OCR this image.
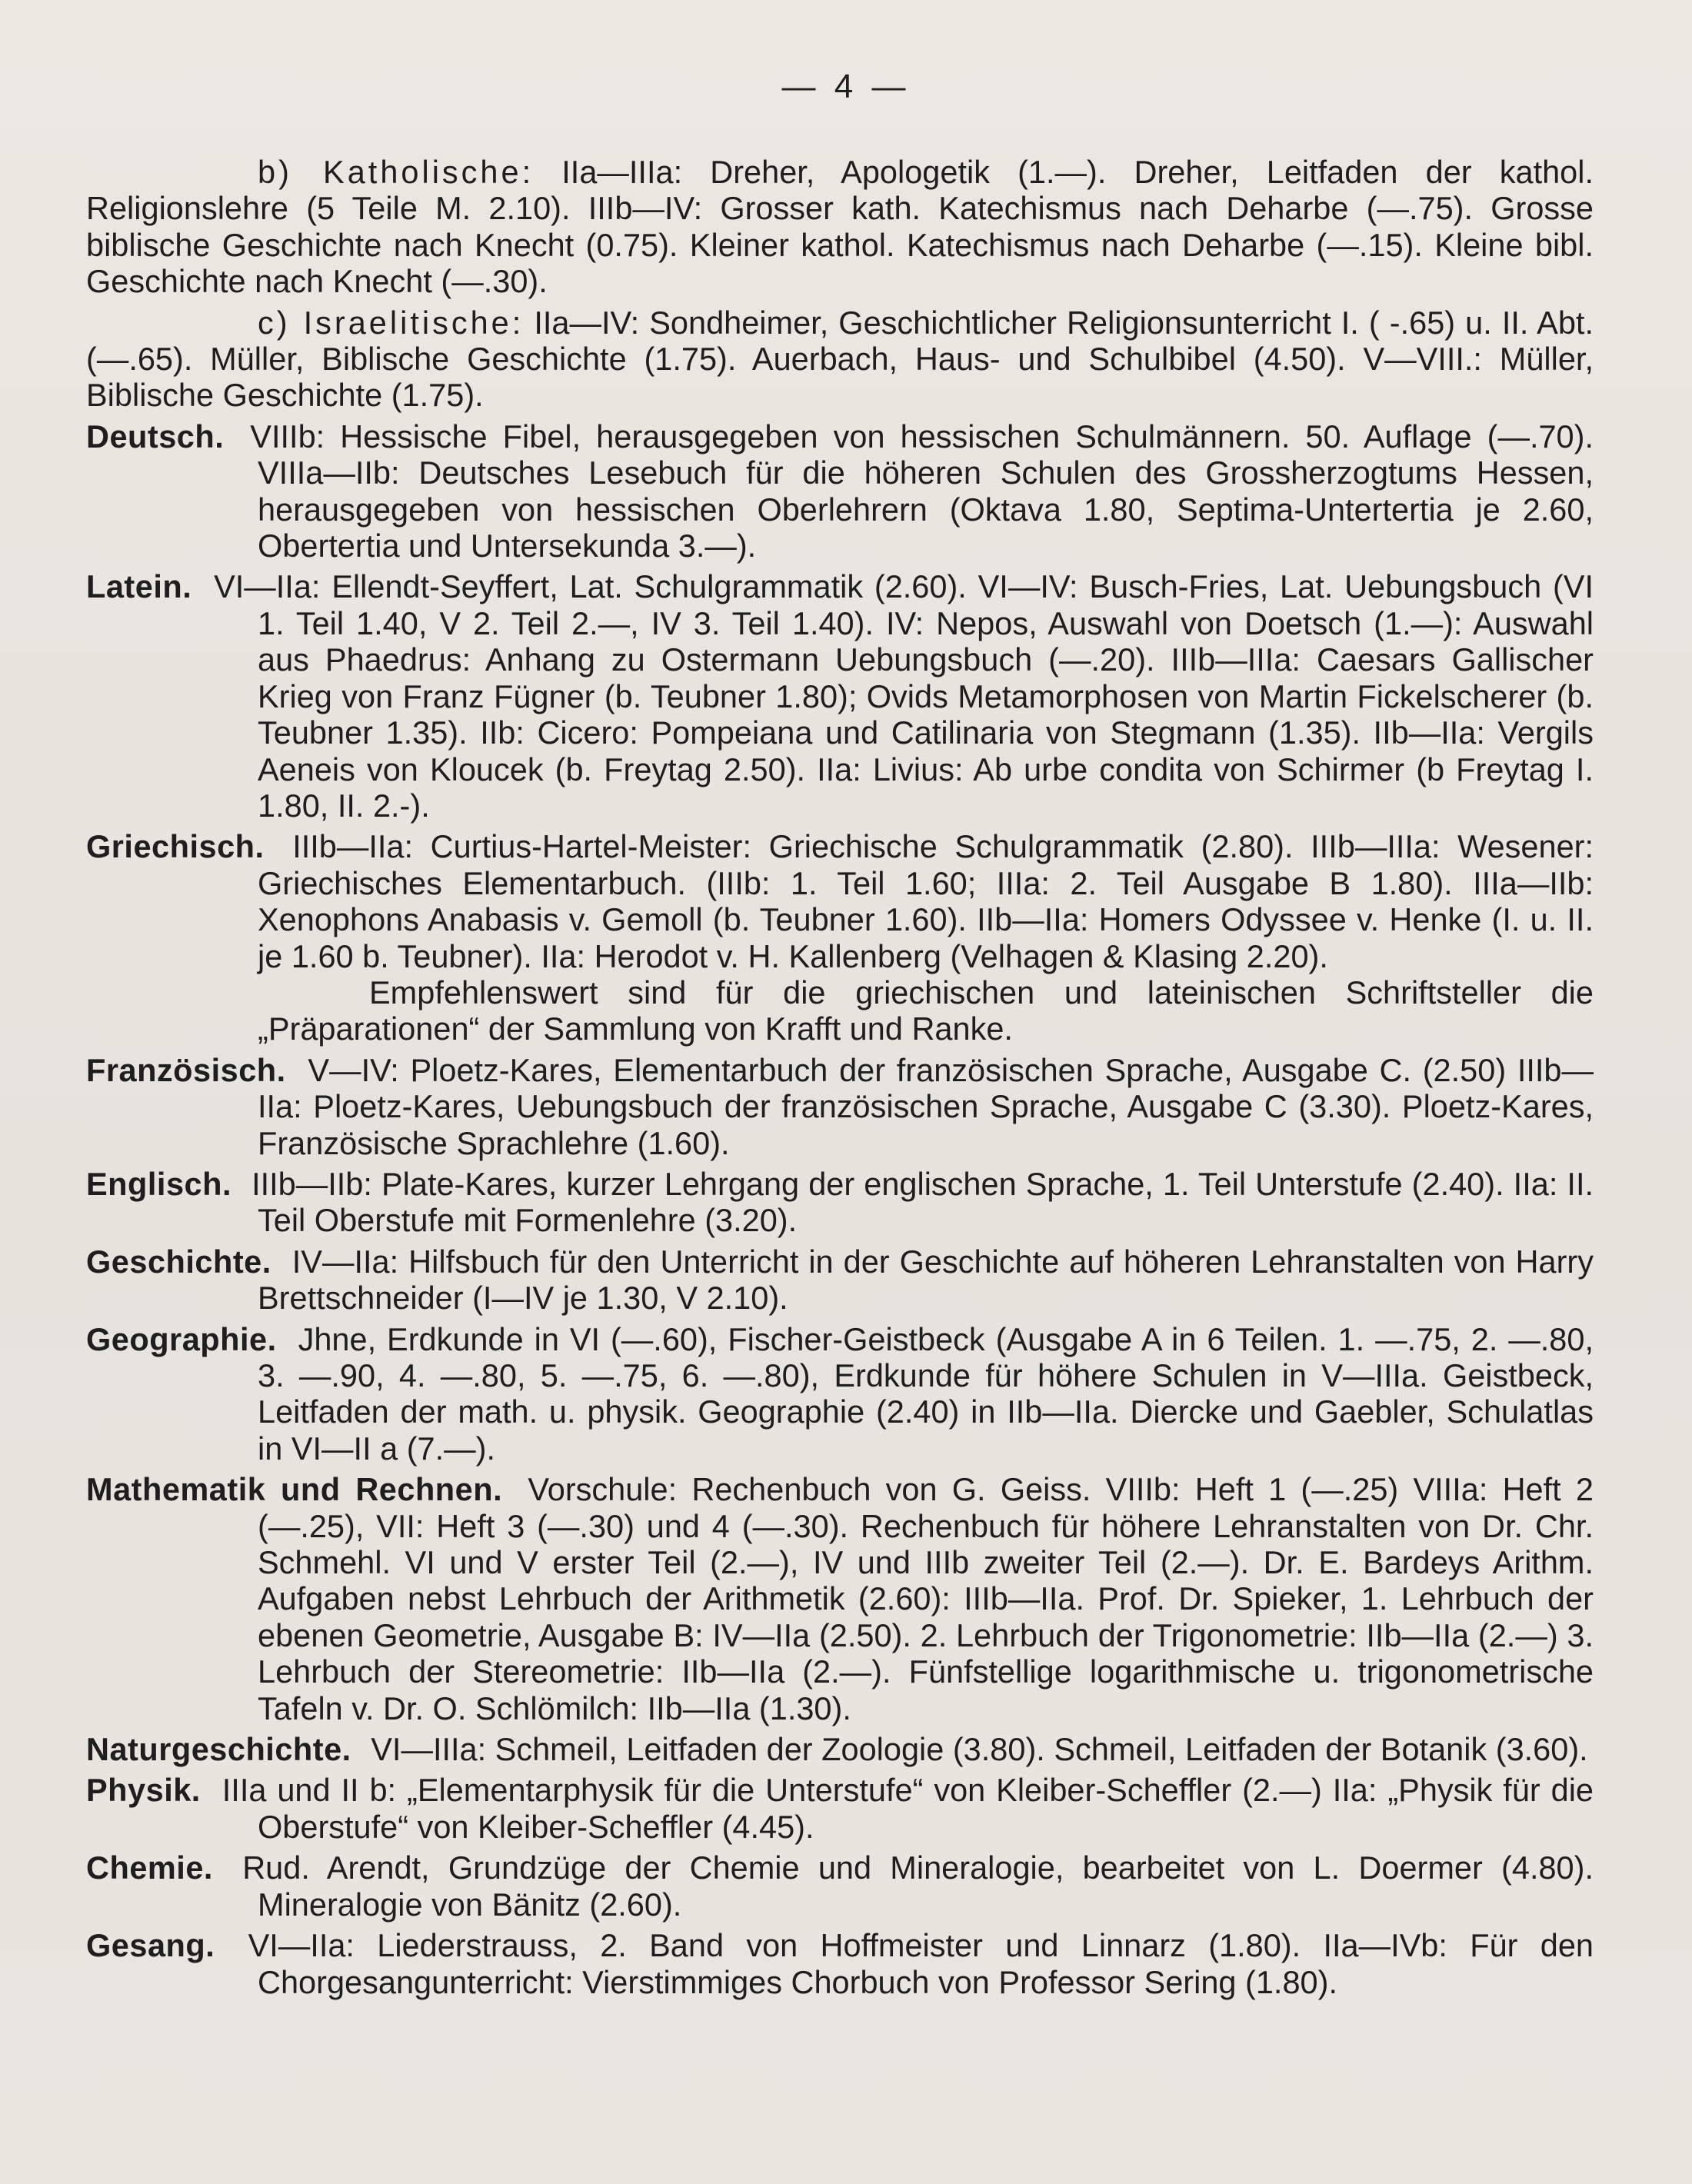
— 4 —

b) Katholische: IIa—IIIa: Dreher, Apologetik (1.—). Dreher, Leitfaden der kathol. Religionslehre (5 Teile M. 2.10). IIIb—IV: Grosser kath. Katechismus nach Deharbe (—.75). Grosse biblische Geschichte nach Knecht (0.75). Kleiner kathol. Katechismus nach Deharbe (—.15). Kleine bibl. Geschichte nach Knecht (—.30).

c) Israelitische: IIa—IV: Sondheimer, Geschichtlicher Religionsunterricht I. ( -.65) u. II. Abt. (—.65). Müller, Biblische Geschichte (1.75). Auerbach, Haus- und Schulbibel (4.50). V—VIII.: Müller, Biblische Geschichte (1.75).

Deutsch. VIIIb: Hessische Fibel, herausgegeben von hessischen Schulmännern. 50. Auflage (—.70). VIIIa—IIb: Deutsches Lesebuch für die höheren Schulen des Grossherzogtums Hessen, herausgegeben von hessischen Oberlehrern (Oktava 1.80, Septima-Untertertia je 2.60, Obertertia und Untersekunda 3.—).

Latein. VI—IIa: Ellendt-Seyffert, Lat. Schulgrammatik (2.60). VI—IV: Busch-Fries, Lat. Uebungsbuch (VI 1. Teil 1.40, V 2. Teil 2.—, IV 3. Teil 1.40). IV: Nepos, Auswahl von Doetsch (1.—): Auswahl aus Phaedrus: Anhang zu Ostermann Uebungsbuch (—.20). IIIb—IIIa: Caesars Gallischer Krieg von Franz Fügner (b. Teubner 1.80); Ovids Metamorphosen von Martin Fickelscherer (b. Teubner 1.35). IIb: Cicero: Pompeiana und Catilinaria von Stegmann (1.35). IIb—IIa: Vergils Aeneis von Kloucek (b. Freytag 2.50). IIa: Livius: Ab urbe condita von Schirmer (b Freytag I. 1.80, II. 2.-).

Griechisch. IIIb—IIa: Curtius-Hartel-Meister: Griechische Schulgrammatik (2.80). IIIb—IIIa: Wesener: Griechisches Elementarbuch. (IIIb: 1. Teil 1.60; IIIa: 2. Teil Ausgabe B 1.80). IIIa—IIb: Xenophons Anabasis v. Gemoll (b. Teubner 1.60). IIb—IIa: Homers Odyssee v. Henke (I. u. II. je 1.60 b. Teubner). IIa: Herodot v. H. Kallenberg (Velhagen & Klasing 2.20).

Empfehlenswert sind für die griechischen und lateinischen Schriftsteller die „Präparationen“ der Sammlung von Krafft und Ranke.

Französisch. V—IV: Ploetz-Kares, Elementarbuch der französischen Sprache, Ausgabe C. (2.50) IIIb—IIa: Ploetz-Kares, Uebungsbuch der französischen Sprache, Ausgabe C (3.30). Ploetz-Kares, Französische Sprachlehre (1.60).

Englisch. IIIb—IIb: Plate-Kares, kurzer Lehrgang der englischen Sprache, 1. Teil Unterstufe (2.40). IIa: II. Teil Oberstufe mit Formenlehre (3.20).

Geschichte. IV—IIa: Hilfsbuch für den Unterricht in der Geschichte auf höheren Lehranstalten von Harry Brettschneider (I—IV je 1.30, V 2.10).

Geographie. Jhne, Erdkunde in VI (—.60), Fischer-Geistbeck (Ausgabe A in 6 Teilen. 1. —.75, 2. —.80, 3. —.90, 4. —.80, 5. —.75, 6. —.80), Erdkunde für höhere Schulen in V—IIIa. Geistbeck, Leitfaden der math. u. physik. Geographie (2.40) in IIb—IIa. Diercke und Gaebler, Schulatlas in VI—II a (7.—).

Mathematik und Rechnen. Vorschule: Rechenbuch von G. Geiss. VIIIb: Heft 1 (—.25) VIIIa: Heft 2 (—.25), VII: Heft 3 (—.30) und 4 (—.30). Rechenbuch für höhere Lehranstalten von Dr. Chr. Schmehl. VI und V erster Teil (2.—), IV und IIIb zweiter Teil (2.—). Dr. E. Bardeys Arithm. Aufgaben nebst Lehrbuch der Arithmetik (2.60): IIIb—IIa. Prof. Dr. Spieker, 1. Lehrbuch der ebenen Geometrie, Ausgabe B: IV—IIa (2.50). 2. Lehrbuch der Trigonometrie: IIb—IIa (2.—) 3. Lehrbuch der Stereometrie: IIb—IIa (2.—). Fünfstellige logarithmische u. trigonometrische Tafeln v. Dr. O. Schlömilch: IIb—IIa (1.30).

Naturgeschichte. VI—IIIa: Schmeil, Leitfaden der Zoologie (3.80). Schmeil, Leitfaden der Botanik (3.60).

Physik. IIIa und II b: „Elementarphysik für die Unterstufe“ von Kleiber-Scheffler (2.—) IIa: „Physik für die Oberstufe“ von Kleiber-Scheffler (4.45).

Chemie. Rud. Arendt, Grundzüge der Chemie und Mineralogie, bearbeitet von L. Doermer (4.80). Mineralogie von Bänitz (2.60).

Gesang. VI—IIa: Liederstrauss, 2. Band von Hoffmeister und Linnarz (1.80). IIa—IVb: Für den Chorgesangunterricht: Vierstimmiges Chorbuch von Professor Sering (1.80).
